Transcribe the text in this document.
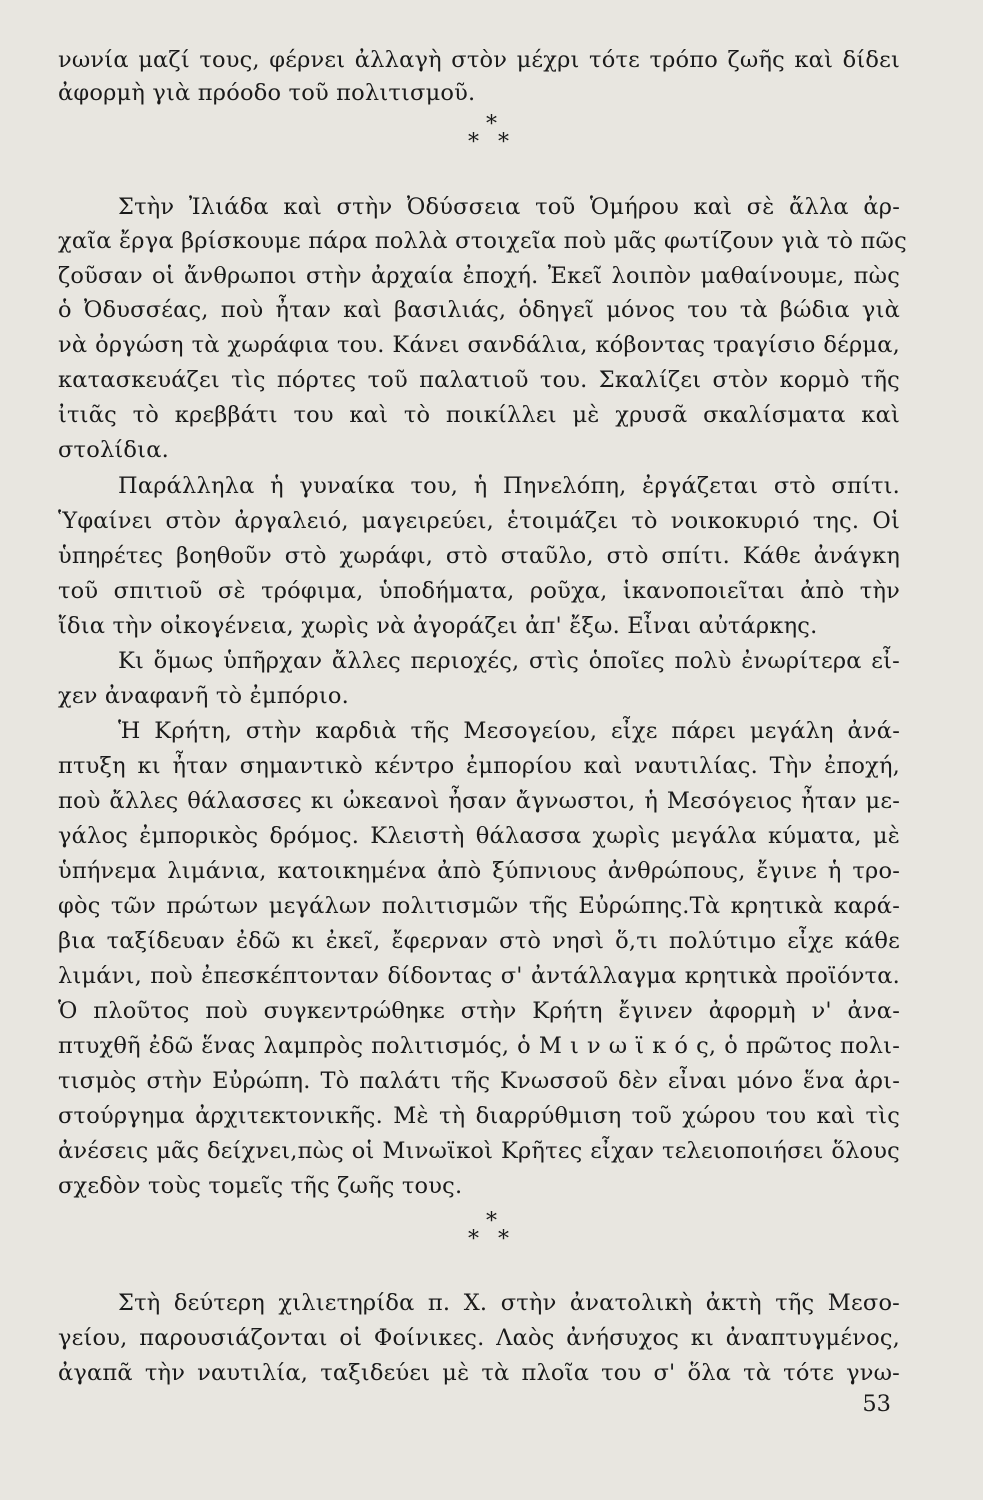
νωνία μαζί τους, φέρνει ἀλλαγὴ στὸν μέχρι τότε τρόπο ζωῆς καὶ δίδει
ἀφορμὴ γιὰ πρόοδο τοῦ πολιτισμοῦ.
*
* *
Στὴν Ἰλιάδα καὶ στὴν Ὀδύσσεια τοῦ Ὁμήρου καὶ σὲ ἄλλα ἀρ-
χαῖα ἔργα βρίσκουμε πάρα πολλὰ στοιχεῖα ποὺ μᾶς φωτίζουν γιὰ τὸ πῶς
ζοῦσαν οἱ ἄνθρωποι στὴν ἀρχαία ἐποχή. Ἐκεῖ λοιπὸν μαθαίνουμε, πὼς
ὁ Ὀδυσσέας, ποὺ ἦταν καὶ βασιλιάς, ὁδηγεῖ μόνος του τὰ βώδια γιὰ
νὰ ὀργώση τὰ χωράφια του. Κάνει σανδάλια, κόβοντας τραγίσιο δέρμα,
κατασκευάζει τὶς πόρτες τοῦ παλατιοῦ του. Σκαλίζει στὸν κορμὸ τῆς
ἰτιᾶς τὸ κρεββάτι του καὶ τὸ ποικίλλει μὲ χρυσᾶ σκαλίσματα καὶ
στολίδια.
Παράλληλα ἡ γυναίκα του, ἡ Πηνελόπη, ἐργάζεται στὸ σπίτι.
Ὑφαίνει στὸν ἀργαλειό, μαγειρεύει, ἑτοιμάζει τὸ νοικοκυριό της. Οἱ
ὑπηρέτες βοηθοῦν στὸ χωράφι, στὸ σταῦλο, στὸ σπίτι. Κάθε ἀνάγκη
τοῦ σπιτιοῦ σὲ τρόφιμα, ὑποδήματα, ροῦχα, ἱκανοποιεῖται ἀπὸ τὴν
ἴδια τὴν οἰκογένεια, χωρὶς νὰ ἀγοράζει ἀπ' ἔξω. Εἶναι αὐτάρκης.
Κι ὅμως ὑπῆρχαν ἄλλες περιοχές, στὶς ὁποῖες πολὺ ἐνωρίτερα εἶ-
χεν ἀναφανῆ τὸ ἐμπόριο.
Ἡ Κρήτη, στὴν καρδιὰ τῆς Μεσογείου, εἶχε πάρει μεγάλη ἀνά-
πτυξη κι ἦταν σημαντικὸ κέντρο ἐμπορίου καὶ ναυτιλίας. Τὴν ἐποχή,
ποὺ ἄλλες θάλασσες κι ὠκεανοὶ ἦσαν ἄγνωστοι, ἡ Μεσόγειος ἦταν με-
γάλος ἐμπορικὸς δρόμος. Κλειστὴ θάλασσα χωρὶς μεγάλα κύματα, μὲ
ὑπήνεμα λιμάνια, κατοικημένα ἀπὸ ξύπνιους ἀνθρώπους, ἔγινε ἡ τρο-
φὸς τῶν πρώτων μεγάλων πολιτισμῶν τῆς Εὐρώπης.Τὰ κρητικὰ καρά-
βια ταξίδευαν ἐδῶ κι ἐκεῖ, ἔφερναν στὸ νησὶ ὅ,τι πολύτιμο εἶχε κάθε
λιμάνι, ποὺ ἐπεσκέπτονταν δίδοντας σ' ἀντάλλαγμα κρητικὰ προϊόντα.
Ὁ πλοῦτος ποὺ συγκεντρώθηκε στὴν Κρήτη ἔγινεν ἀφορμὴ ν' ἀνα-
πτυχθῆ ἐδῶ ἕνας λαμπρὸς πολιτισμός, ὁ Μ ι ν ω ϊ κ ό ς, ὁ πρῶτος πολι-
τισμὸς στὴν Εὐρώπη. Τὸ παλάτι τῆς Κνωσσοῦ δὲν εἶναι μόνο ἕνα ἀρι-
στούργημα ἀρχιτεκτονικῆς. Μὲ τὴ διαρρύθμιση τοῦ χώρου του καὶ τὶς
ἀνέσεις μᾶς δείχνει,πὼς οἱ Μινωϊκοὶ Κρῆτες εἶχαν τελειοποιήσει ὅλους
σχεδὸν τοὺς τομεῖς τῆς ζωῆς τους.
*
* *
Στὴ δεύτερη χιλιετηρίδα π. Χ. στὴν ἀνατολικὴ ἀκτὴ τῆς Μεσο-
γείου, παρουσιάζονται οἱ Φοίνικες. Λαὸς ἀνήσυχος κι ἀναπτυγμένος,
ἀγαπᾶ τὴν ναυτιλία, ταξιδεύει μὲ τὰ πλοῖα του σ' ὅλα τὰ τότε γνω-
53
